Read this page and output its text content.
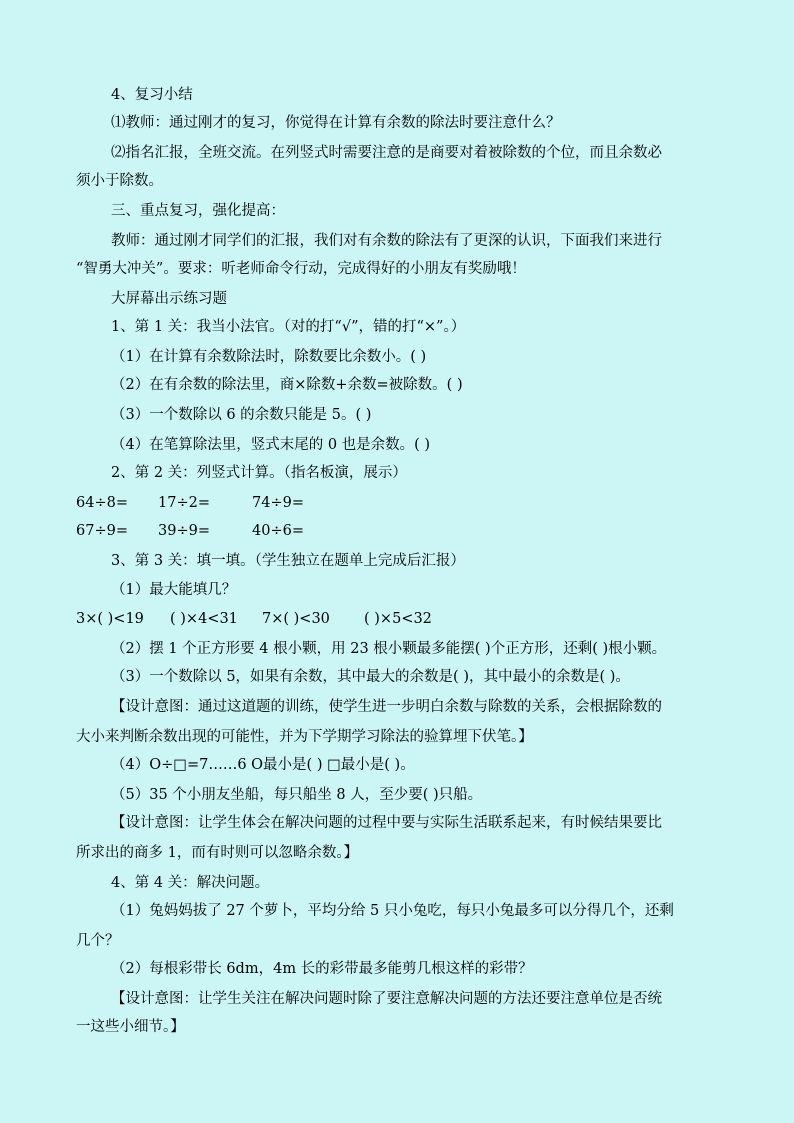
4、复习小结
⑴教师：通过刚才的复习，你觉得在计算有余数的除法时要注意什么？
⑵指名汇报，全班交流。在列竖式时需要注意的是商要对着被除数的个位，而且余数必
须小于除数。
三、重点复习，强化提高：
教师：通过刚才同学们的汇报，我们对有余数的除法有了更深的认识，下面我们来进行
“智勇大冲关”。要求：听老师命令行动，完成得好的小朋友有奖励哦！
大屏幕出示练习题
1、第 1 关：我当小法官。（对的打“√”，错的打“×”。）
（1）在计算有余数除法时，除数要比余数小。( )
（2）在有余数的除法里，商×除数+余数=被除数。( )
（3）一个数除以 6 的余数只能是 5。( )
（4）在笔算除法里，竖式末尾的 0 也是余数。( )
2、第 2 关：列竖式计算。（指名板演，展示）
64÷8= 17÷2=	74÷9=
67÷9= 39÷9=	40÷6=
3、第 3 关：填一填。（学生独立在题单上完成后汇报）
（1）最大能填几？
3×( )<19 ( )×4<31 7×( )<30 ( )×5<32
（2）摆 1 个正方形要 4 根小颗，用 23 根小颗最多能摆( )个正方形，还剩( )根小颗。
（3）一个数除以 5，如果有余数，其中最大的余数是( )，其中最小的余数是( )。
【设计意图：通过这道题的训练，使学生进一步明白余数与除数的关系，会根据除数的
大小来判断余数出现的可能性，并为下学期学习除法的验算埋下伏笔。】
（4）O÷□=7……6 O最小是( ) □最小是( )。
（5）35 个小朋友坐船，每只船坐 8 人，至少要( )只船。
【设计意图：让学生体会在解决问题的过程中要与实际生活联系起来，有时候结果要比
所求出的商多 1，而有时则可以忽略余数。】
4、第 4 关：解决问题。
（1）兔妈妈拔了 27 个萝卜，平均分给 5 只小兔吃，每只小兔最多可以分得几个，还剩
几个？
（2）每根彩带长 6dm，4m 长的彩带最多能剪几根这样的彩带？
【设计意图：让学生关注在解决问题时除了要注意解决问题的方法还要注意单位是否统
一这些小细节。】
